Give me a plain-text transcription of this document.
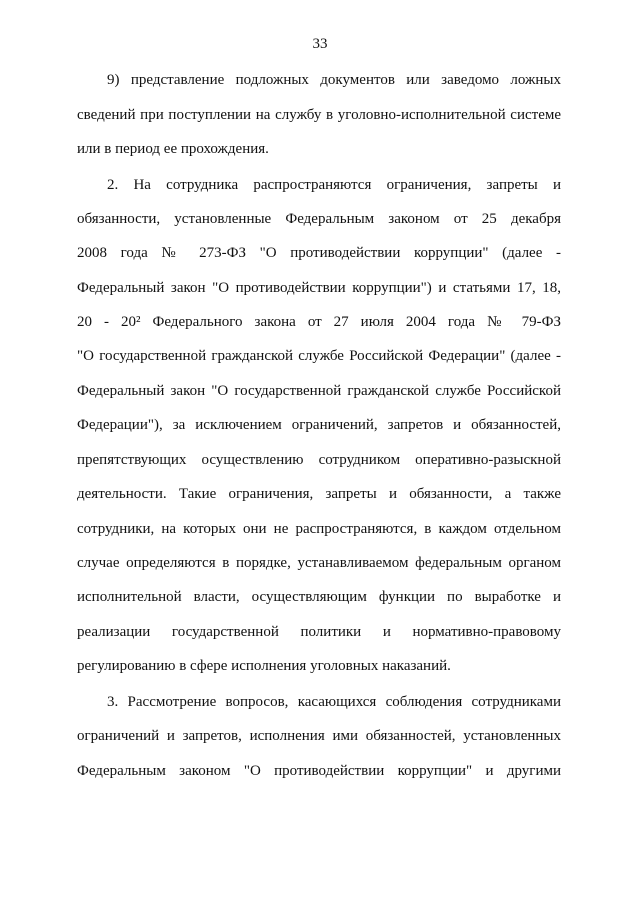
33
9) представление подложных документов или заведомо ложных
сведений при поступлении на службу в уголовно-исполнительной системе
или в период ее прохождения.
2. На сотрудника распространяются ограничения, запреты и
обязанности, установленные Федеральным законом от 25 декабря
2008 года № 273-ФЗ "О противодействии коррупции" (далее -
Федеральный закон "О противодействии коррупции") и статьями 17, 18,
20 - 20² Федерального закона от 27 июля 2004 года № 79-ФЗ
"О государственной гражданской службе Российской Федерации" (далее -
Федеральный закон "О государственной гражданской службе Российской
Федерации"), за исключением ограничений, запретов и обязанностей,
препятствующих осуществлению сотрудником оперативно-разыскной
деятельности. Такие ограничения, запреты и обязанности, а также
сотрудники, на которых они не распространяются, в каждом отдельном
случае определяются в порядке, устанавливаемом федеральным органом
исполнительной власти, осуществляющим функции по выработке и
реализации государственной политики и нормативно-правовому
регулированию в сфере исполнения уголовных наказаний.
3. Рассмотрение вопросов, касающихся соблюдения сотрудниками
ограничений и запретов, исполнения ими обязанностей, установленных
Федеральным законом "О противодействии коррупции" и другими
